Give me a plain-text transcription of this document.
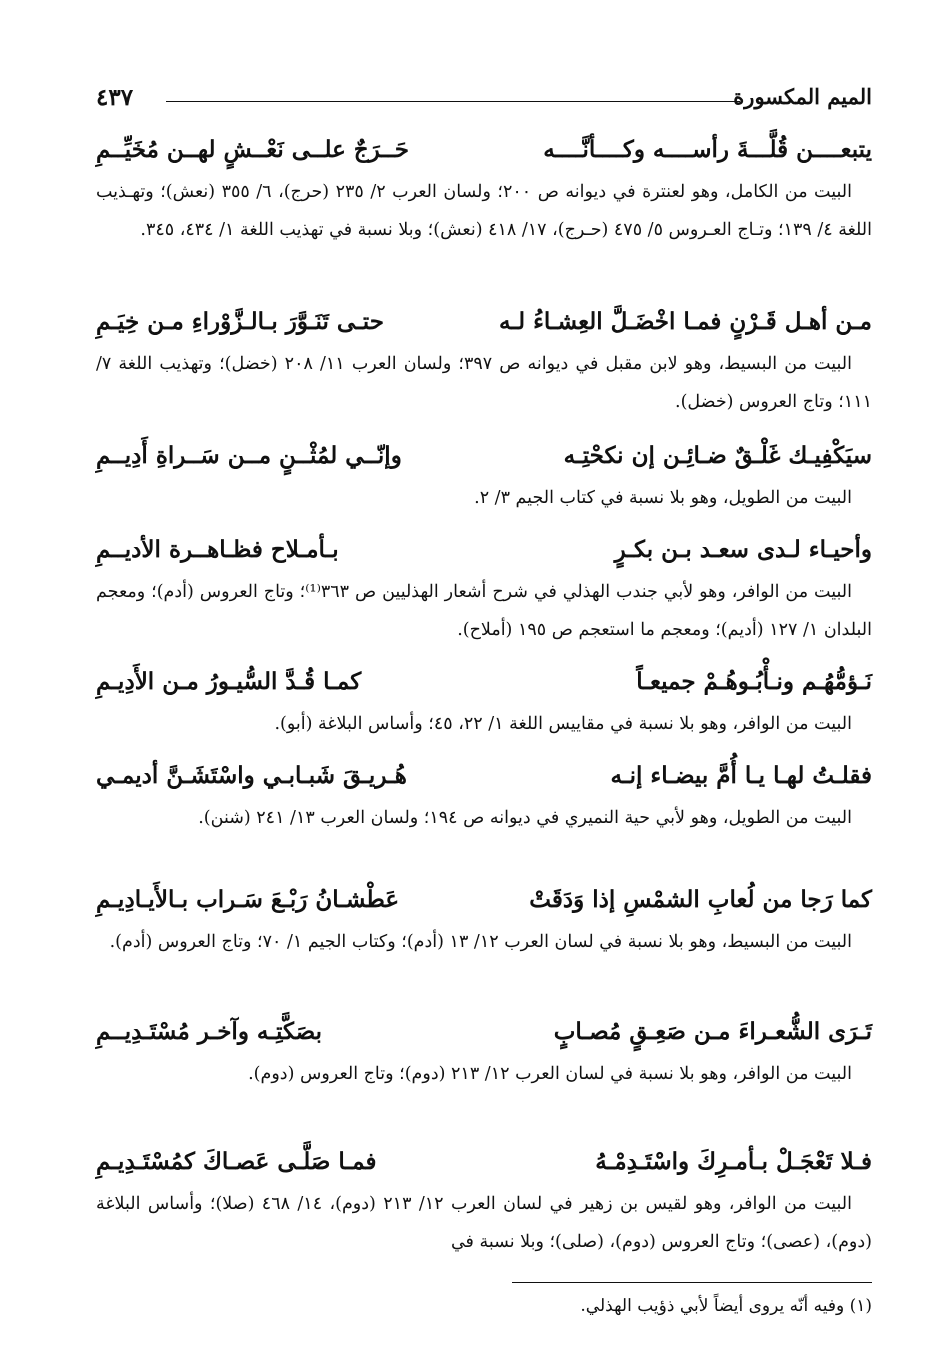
الميم المكسورة
٤٣٧
يتبعــــن قُلَّـــةَ رأســــه وكــــأنَّــــه
حَــرَجٌ علــى نَعْــشٍ لهــن مُخَيِّــمِ
البيت من الكامل، وهو لعنترة في ديوانه ص ٢٠٠؛ ولسان العرب ٢/ ٢٣٥ (حرج)، ٦/ ٣٥٥ (نعش)؛ وتهـذيب اللغة ٤/ ١٣٩؛ وتـاج العـروس ٥/ ٤٧٥ (حـرج)، ١٧/ ٤١٨ (نعش)؛ وبلا نسبة في تهذيب اللغة ١/ ٤٣٤، ٣٤٥.
مـن أهـل قَـرْنٍ فمـا اخْضَـلَّ العِشـاءُ لـه
حتـى تَنَـوَّرَ بـالـزَّوْراءِ مـن خِيَـمِ
البيت من البسيط، وهو لابن مقبل في ديوانه ص ٣٩٧؛ ولسان العرب ١١/ ٢٠٨ (خضل)؛ وتهذيب اللغة ٧/ ١١١؛ وتاج العروس (خضل).
سيَكْفِيـك غَلْـقٌ ضـائِـن إن نكحْتِـه
وإنّــي لمُثْــنٍ مــن سَــراةِ أَدِيــمِ
البيت من الطويل، وهو بلا نسبة في كتاب الجيم ٣/ ٢.
وأحيـاء لـدى سعـد بـن بكـرٍ
بـأمـلاح فظـاهــرة الأديــمِ
البيت من الوافر، وهو لأبي جندب الهذلي في شرح أشعار الهذليين ص ٣٦٣⁽¹⁾؛ وتاج العروس (أدم)؛ ومعجم البلدان ١/ ١٢٧ (أديم)؛ ومعجم ما استعجم ص ١٩٥ (أملاح).
نَـؤمُّهُـم ونـأْبُـوهُـمْ جميعـاً
كمـا قُـدَّ السُّيـورُ مـن الأَدِيـمِ
البيت من الوافر، وهو بلا نسبة في مقاييس اللغة ١/ ٢٢، ٤٥؛ وأساس البلاغة (أبو).
فقلـتُ لهـا يـا أُمَّ بيضـاء إنـه
هُـريـقَ شَبـابـي واسْتَشَـنَّ أديمـي
البيت من الطويل، وهو لأبي حية النميري في ديوانه ص ١٩٤؛ ولسان العرب ١٣/ ٢٤١ (شنن).
كما رَجا من لُعابِ الشمْسِ إذا وَدَقَتْ
عَطْشـانُ رَبْـعَ سَـراب بـالأَيـادِيـمِ
البيت من البسيط، وهو بلا نسبة في لسان العرب ١٢/ ١٣ (أدم)؛ وكتاب الجيم ١/ ٧٠؛ وتاج العروس (أدم).
تَـرَى الشُّعـراءَ مـن صَعِـقٍ مُصـابٍ
بصَكَّتِـه وآخـر مُسْتَـدِيــمِ
البيت من الوافر، وهو بلا نسبة في لسان العرب ١٢/ ٢١٣ (دوم)؛ وتاج العروس (دوم).
فـلا تَعْجَـلْ بـأمـرِكَ واسْتَـدِمْـهُ
فمـا صَلَّـى عَصـاكَ كمُسْتَـدِيـمِ
البيت من الوافر، وهو لقيس بن زهير في لسان العرب ١٢/ ٢١٣ (دوم)، ١٤/ ٤٦٨ (صلا)؛ وأساس البلاغة (دوم)، (عصى)؛ وتاج العروس (دوم)، (صلى)؛ وبلا نسبة في
(١) وفيه أنّه يروى أيضاً لأبي ذؤيب الهذلي.
